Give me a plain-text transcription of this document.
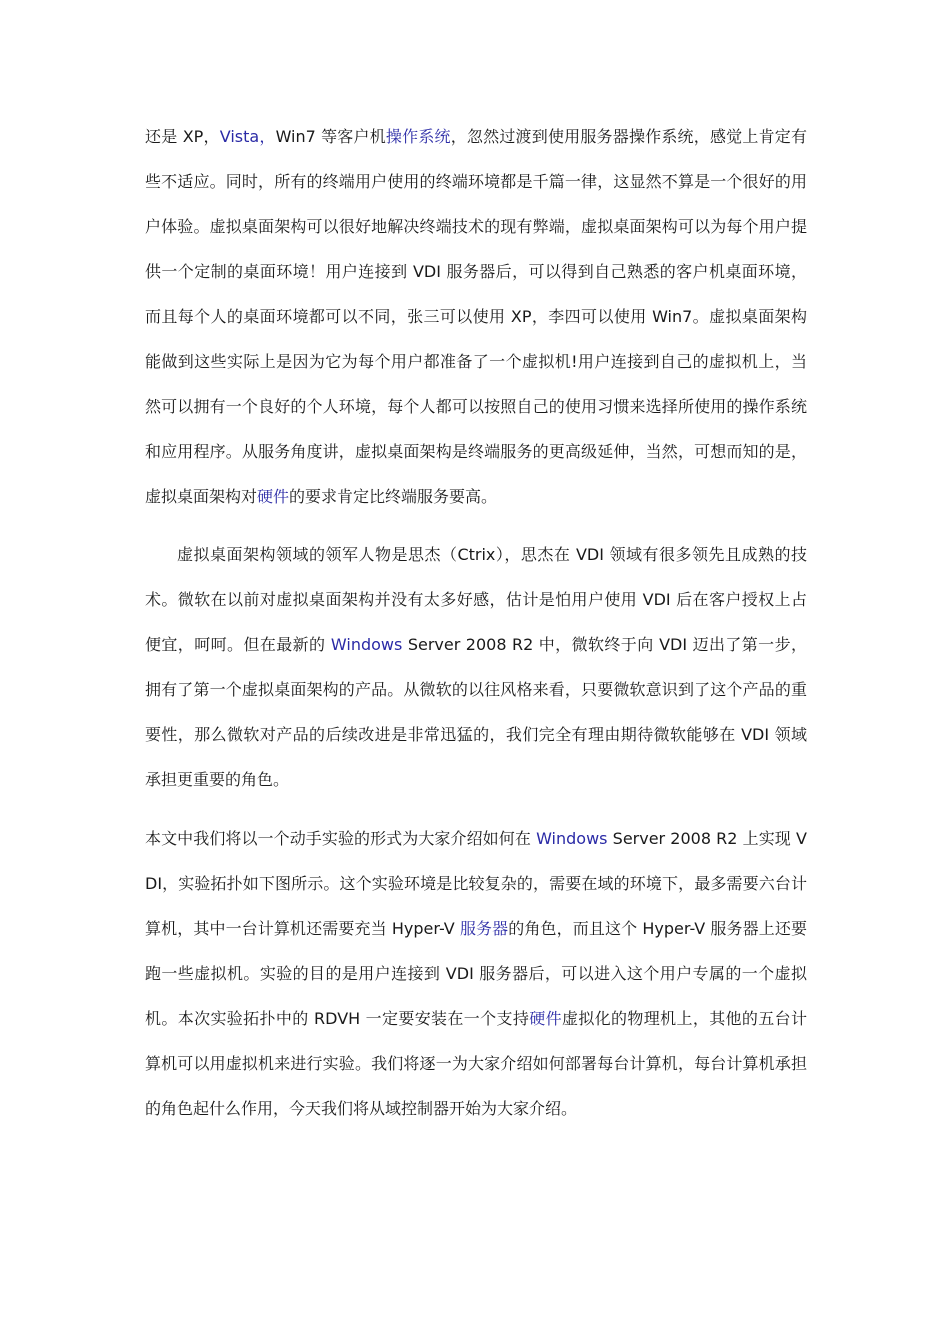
还是 XP，Vista，Win7 等客户机操作系统，忽然过渡到使用服务器操作系统，感觉上肯定有些不适应。同时，所有的终端用户使用的终端环境都是千篇一律，这显然不算是一个很好的用户体验。虚拟桌面架构可以很好地解决终端技术的现有弊端，虚拟桌面架构可以为每个用户提供一个定制的桌面环境！用户连接到 VDI 服务器后，可以得到自己熟悉的客户机桌面环境，而且每个人的桌面环境都可以不同，张三可以使用 XP，李四可以使用 Win7。虚拟桌面架构能做到这些实际上是因为它为每个用户都准备了一个虚拟机!用户连接到自己的虚拟机上，当然可以拥有一个良好的个人环境，每个人都可以按照自己的使用习惯来选择所使用的操作系统和应用程序。从服务角度讲，虚拟桌面架构是终端服务的更高级延伸，当然，可想而知的是，虚拟桌面架构对硬件的要求肯定比终端服务要高。

虚拟桌面架构领域的领军人物是思杰（Ctrix），思杰在 VDI 领域有很多领先且成熟的技术。微软在以前对虚拟桌面架构并没有太多好感，估计是怕用户使用 VDI 后在客户授权上占便宜，呵呵。但在最新的 Windows Server 2008 R2 中，微软终于向 VDI 迈出了第一步，拥有了第一个虚拟桌面架构的产品。从微软的以往风格来看，只要微软意识到了这个产品的重要性，那么微软对产品的后续改进是非常迅猛的，我们完全有理由期待微软能够在 VDI 领域承担更重要的角色。

本文中我们将以一个动手实验的形式为大家介绍如何在 Windows Server 2008 R2 上实现 VDI，实验拓扑如下图所示。这个实验环境是比较复杂的，需要在域的环境下，最多需要六台计算机，其中一台计算机还需要充当 Hyper-V 服务器的角色，而且这个 Hyper-V 服务器上还要跑一些虚拟机。实验的目的是用户连接到 VDI 服务器后，可以进入这个用户专属的一个虚拟机。本次实验拓扑中的 RDVH 一定要安装在一个支持硬件虚拟化的物理机上，其他的五台计算机可以用虚拟机来进行实验。我们将逐一为大家介绍如何部署每台计算机，每台计算机承担的角色起什么作用，今天我们将从域控制器开始为大家介绍。
